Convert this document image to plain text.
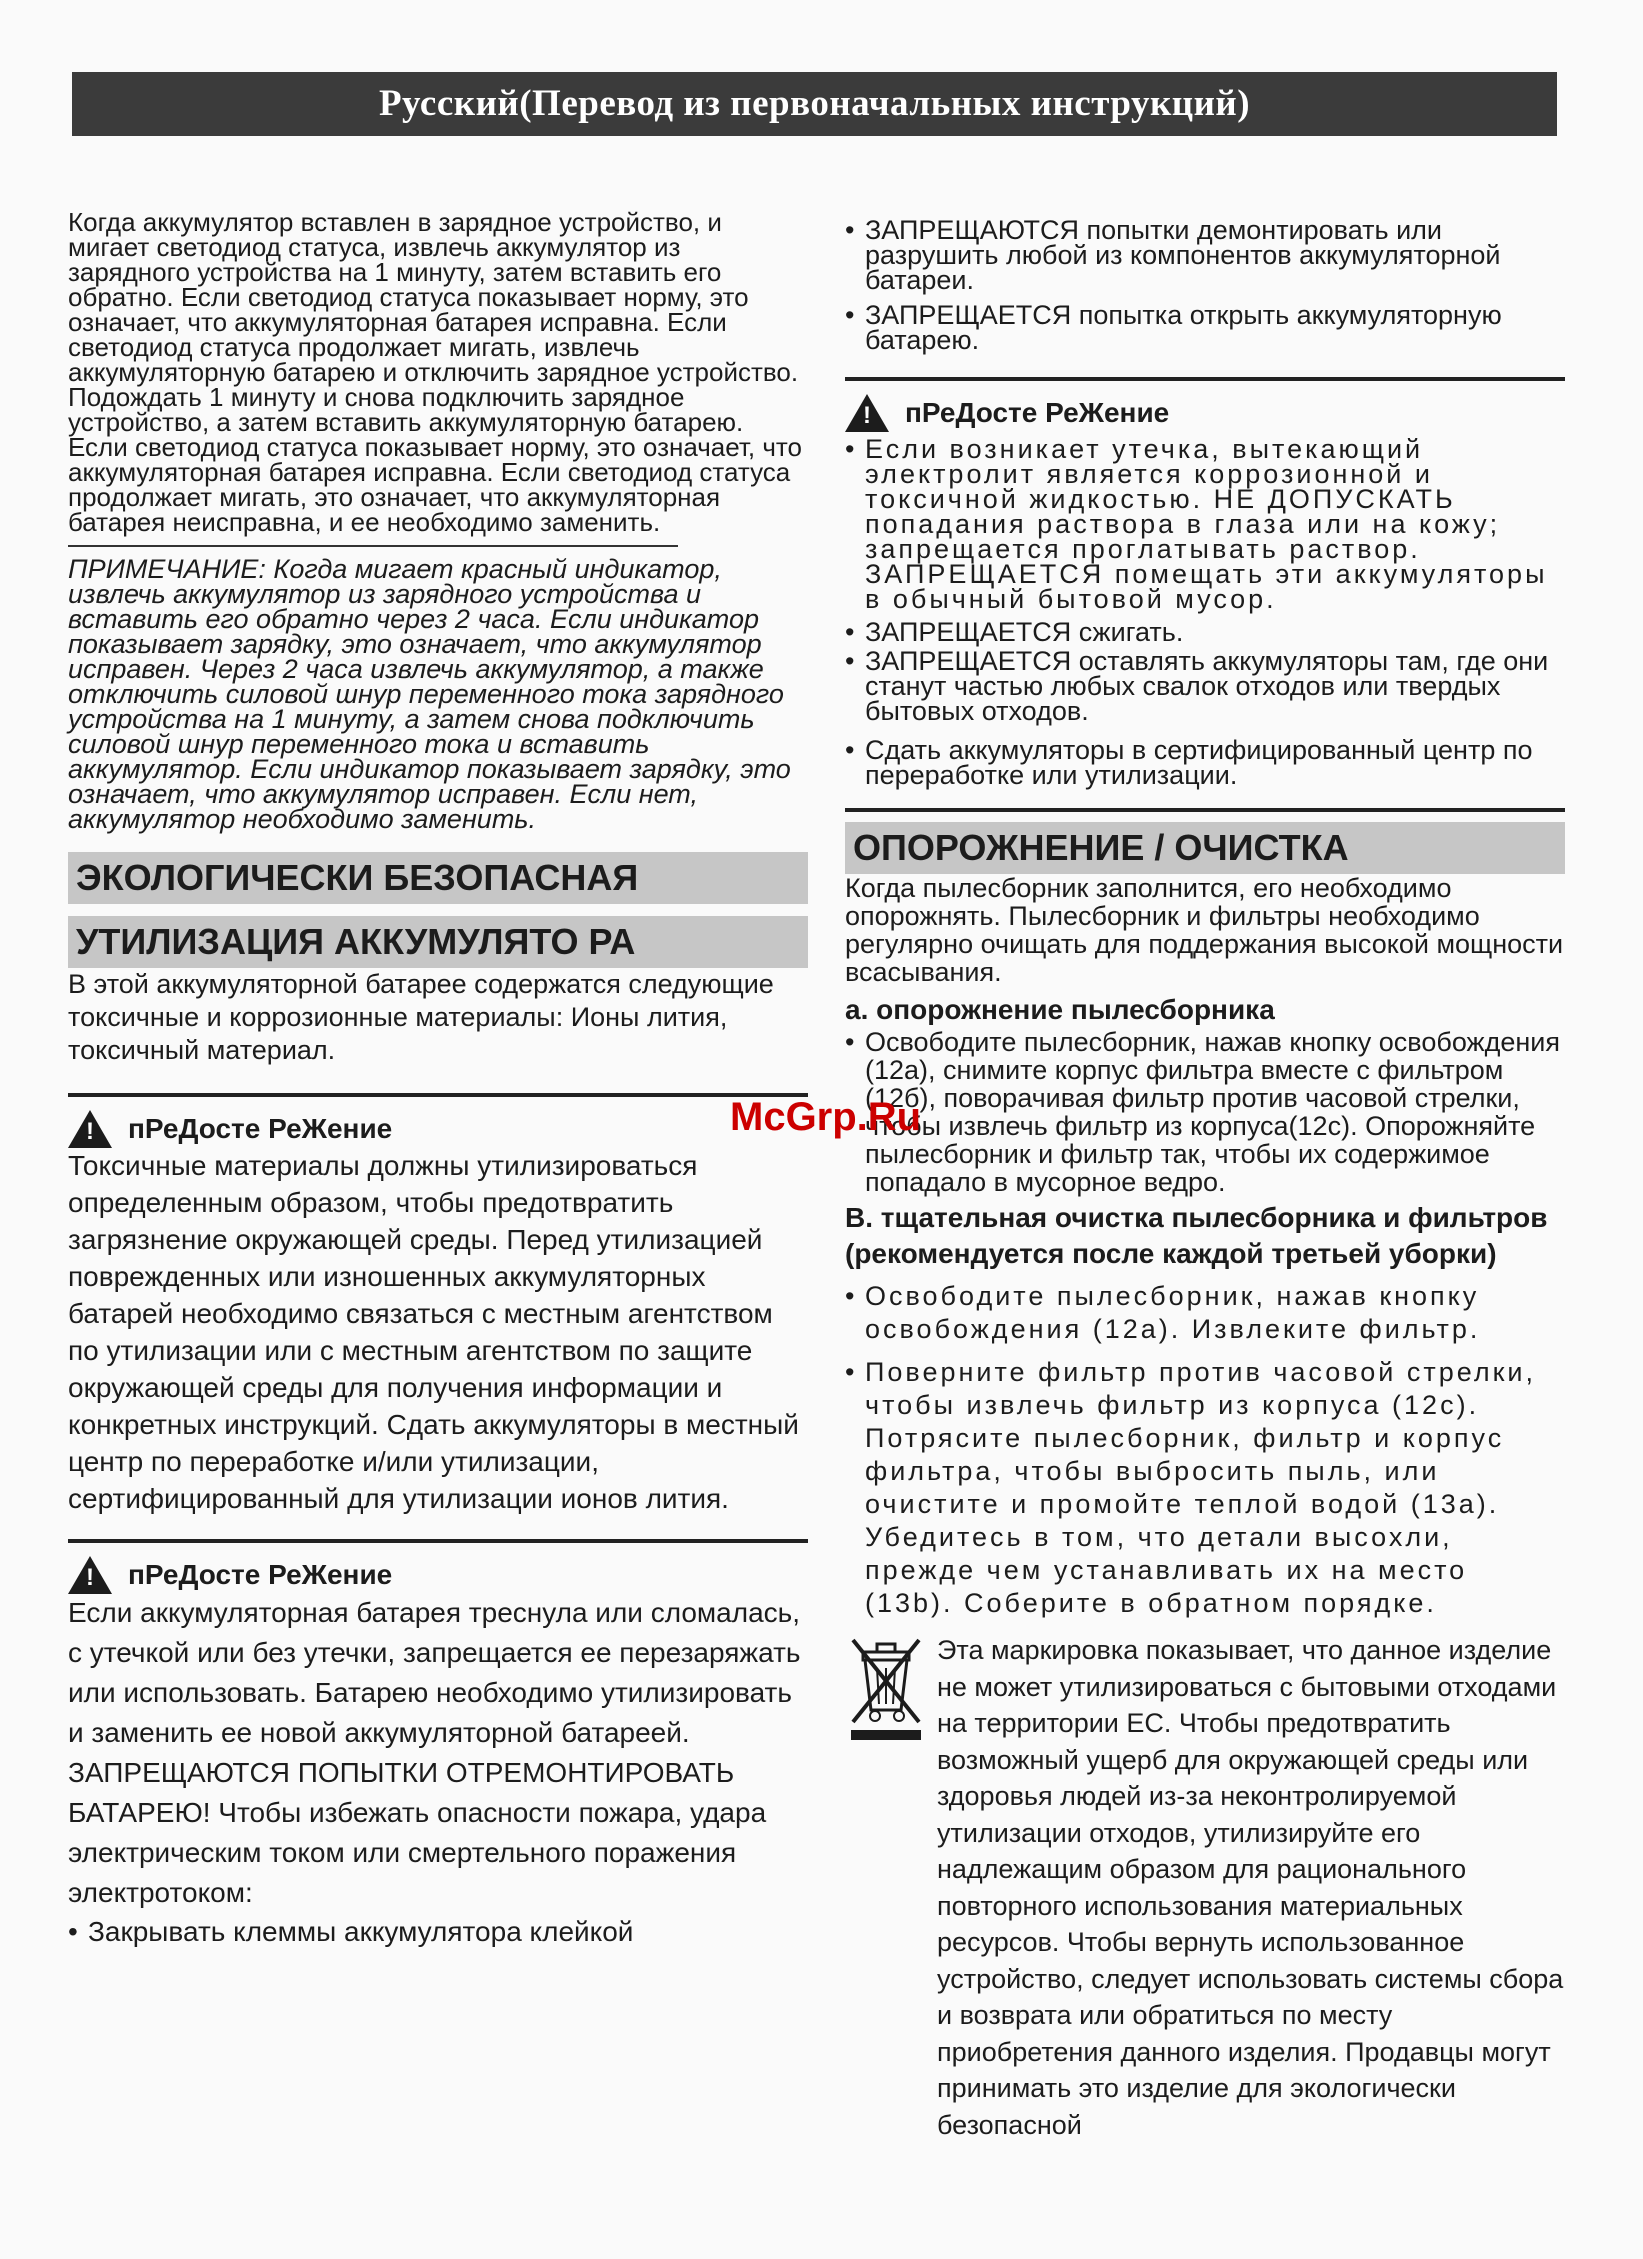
Русский(Перевод из первоначальных инструкций)

Когда аккумулятор вставлен в зарядное устройство, и мигает светодиод статуса, извлечь аккумулятор из зарядного устройства на 1 минуту, затем вставить его обратно. Если светодиод статуса показывает норму, это означает, что аккумуляторная батарея исправна. Если светодиод статуса продолжает мигать, извлечь аккумуляторную батарею и отключить зарядное устройство. Подождать 1 минуту и снова подключить зарядное устройство, а затем вставить аккумуляторную батарею. Если светодиод статуса показывает норму, это означает, что аккумуляторная батарея исправна. Если светодиод статуса продолжает мигать, это означает, что аккумуляторная батарея неисправна, и ее необходимо заменить.

ПРИМЕЧАНИЕ: Когда мигает красный индикатор, извлечь аккумулятор из зарядного устройства и вставить его обратно через 2 часа. Если индикатор показывает зарядку, это означает, что аккумулятор исправен. Через 2 часа извлечь аккумулятор, а также отключить силовой шнур переменного тока зарядного устройства на 1 минуту, а затем снова подключить силовой шнур переменного тока и вставить аккумулятор. Если индикатор показывает зарядку, это означает, что аккумулятор исправен. Если нет, аккумулятор необходимо заменить.

ЭКОЛОГИЧЕСКИ БЕЗОПАСНАЯ

УТИЛИЗАЦИЯ АККУМУЛЯТО РА

В этой аккумуляторной батарее содержатся следующие токсичные и коррозионные материалы: Ионы лития, токсичный материал.

! пРеДосте РеЖение

Токсичные материалы должны утилизироваться определенным образом, чтобы предотвратить загрязнение окружающей среды. Перед утилизацией поврежденных или изношенных аккумуляторных батарей необходимо связаться с местным агентством по утилизации или с местным агентством по защите окружающей среды для получения информации и конкретных инструкций. Сдать аккумуляторы в местный центр по переработке и/или утилизации, сертифицированный для утилизации ионов лития.

! пРеДосте РеЖение

Если аккумуляторная батарея треснула или сломалась, с утечкой или без утечки, запрещается ее перезаряжать или использовать. Батарею необходимо утилизировать и заменить ее новой аккумуляторной батареей. ЗАПРЕЩАЮТСЯ ПОПЫТКИ ОТРЕМОНТИРОВАТЬ БАТАРЕЮ! Чтобы избежать опасности пожара, удара электрическим током или смертельного поражения электротоком:

• Закрывать клеммы аккумулятора клейкой
• ЗАПРЕЩАЮТСЯ попытки демонтировать или разрушить любой из компонентов аккумуляторной батареи.
• ЗАПРЕЩАЕТСЯ попытка открыть аккумуляторную батарею.
! пРеДосте РеЖение
• Если возникает утечка, вытекающий электролит является коррозионной и токсичной жидкостью. НЕ ДОПУСКАТЬ попадания раствора в глаза или на кожу; запрещается проглатывать раствор. ЗАПРЕЩАЕТСЯ помещать эти аккумуляторы в обычный бытовой мусор.
• ЗАПРЕЩАЕТСЯ сжигать.
• ЗАПРЕЩАЕТСЯ оставлять аккумуляторы там, где они станут частью любых свалок отходов или твердых бытовых отходов.
• Сдать аккумуляторы в сертифицированный центр по переработке или утилизации.

ОПОРОЖНЕНИЕ / ОЧИСТКА

Когда пылесборник заполнится, его необходимо опорожнять. Пылесборник и фильтры необходимо регулярно очищать для поддержания высокой мощности всасывания.

а. опорожнение пылесборника

• Освободите пылесборник, нажав кнопку освобождения (12а), снимите корпус фильтра вместе с фильтром (12б), поворачивая фильтр против часовой стрелки, чтобы извлечь фильтр из корпуса(12с). Опорожняйте пылесборник и фильтр так, чтобы их содержимое попадало в мусорное ведро.

В. тщательная очистка пылесборника и фильтров (рекомендуется после каждой третьей уборки)

• Освободите пылесборник, нажав кнопку освобождения (12а). Извлеките фильтр.
• Поверните фильтр против часовой стрелки, чтобы извлечь фильтр из корпуса (12c). Потрясите пылесборник, фильтр и корпус фильтра, чтобы выбросить пыль, или очистите и промойте теплой водой (13a). Убедитесь в том, что детали высохли, прежде чем устанавливать их на место (13b). Соберите в обратном порядке.

Эта маркировка показывает, что данное изделие не может утилизироваться с бытовыми отходами на территории ЕС. Чтобы предотвратить возможный ущерб для окружающей среды или здоровья людей из-за неконтролируемой утилизации отходов, утилизируйте его надлежащим образом для рационального повторного использования материальных ресурсов. Чтобы вернуть использованное устройство, следует использовать системы сбора и возврата или обратиться по месту приобретения данного изделия. Продавцы могут принимать это изделие для экологически безопасной

McGrp.Ru
